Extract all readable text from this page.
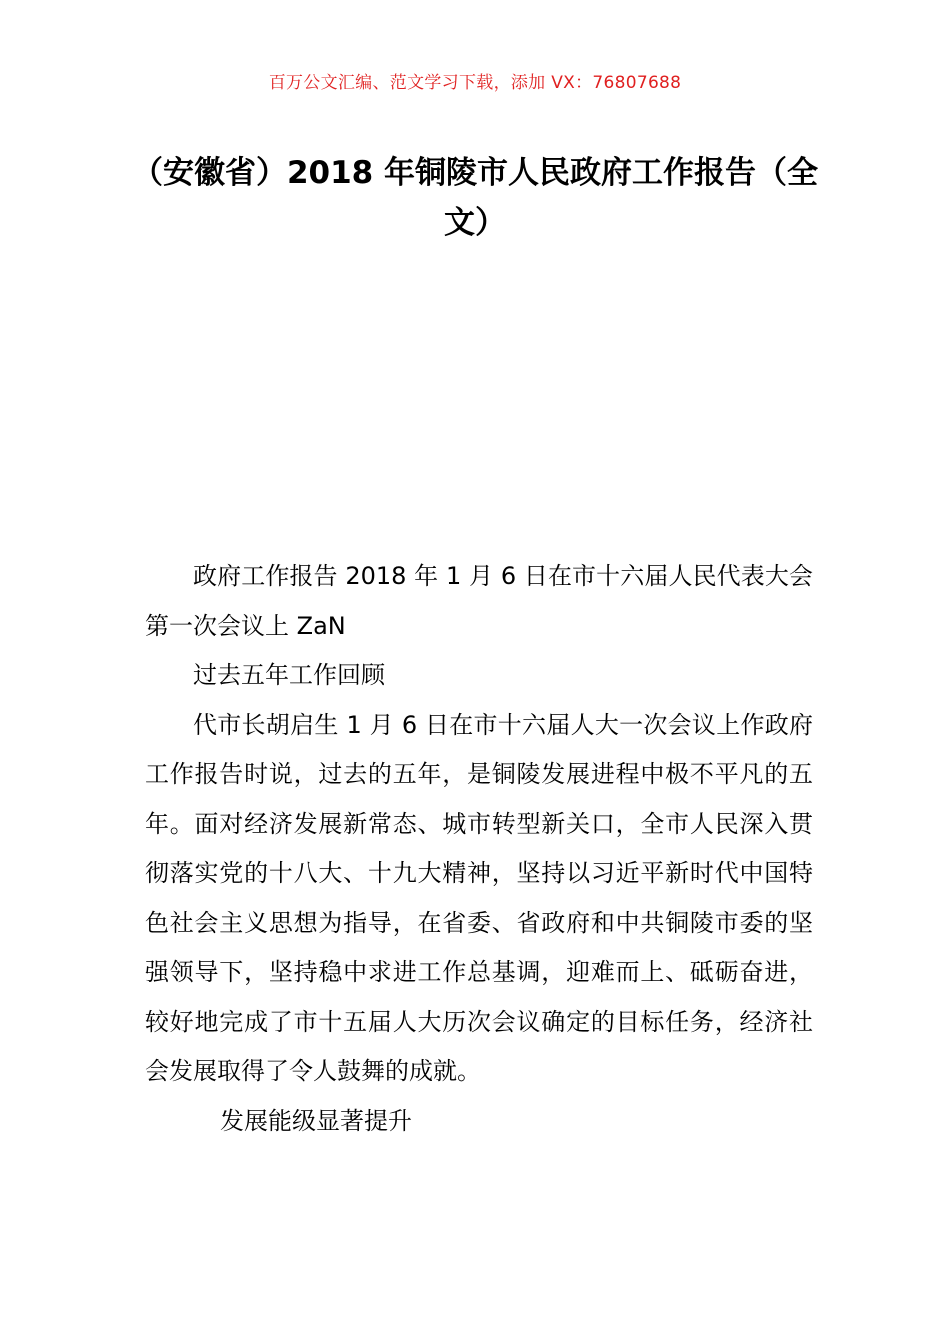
百万公文汇编、范文学习下载，添加 VX：76807688
（安徽省）2018 年铜陵市人民政府工作报告（全文）

政府工作报告 2018 年 1 月 6 日在市十六届人民代表大会第一次会议上 ZaN

过去五年工作回顾

代市长胡启生 1 月 6 日在市十六届人大一次会议上作政府工作报告时说，过去的五年，是铜陵发展进程中极不平凡的五年。面对经济发展新常态、城市转型新关口，全市人民深入贯彻落实党的十八大、十九大精神，坚持以习近平新时代中国特色社会主义思想为指导，在省委、省政府和中共铜陵市委的坚强领导下，坚持稳中求进工作总基调，迎难而上、砥砺奋进，较好地完成了市十五届人大历次会议确定的目标任务，经济社会发展取得了令人鼓舞的成就。

发展能级显著提升
